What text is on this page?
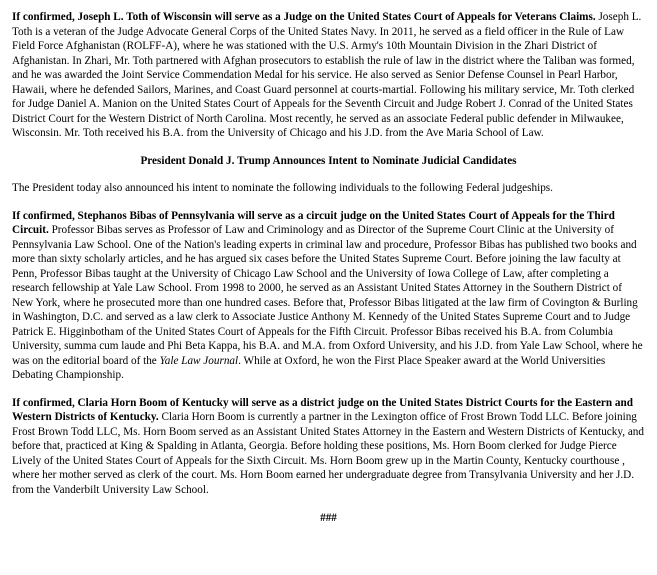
If confirmed, Joseph L. Toth of Wisconsin will serve as a Judge on the United States Court of Appeals for Veterans Claims. Joseph L. Toth is a veteran of the Judge Advocate General Corps of the United States Navy. In 2011, he served as a field officer in the Rule of Law Field Force Afghanistan (ROLFF-A), where he was stationed with the U.S. Army's 10th Mountain Division in the Zhari District of Afghanistan. In Zhari, Mr. Toth partnered with Afghan prosecutors to establish the rule of law in the district where the Taliban was formed, and he was awarded the Joint Service Commendation Medal for his service. He also served as Senior Defense Counsel in Pearl Harbor, Hawaii, where he defended Sailors, Marines, and Coast Guard personnel at courts-martial. Following his military service, Mr. Toth clerked for Judge Daniel A. Manion on the United States Court of Appeals for the Seventh Circuit and Judge Robert J. Conrad of the United States District Court for the Western District of North Carolina. Most recently, he served as an associate Federal public defender in Milwaukee, Wisconsin. Mr. Toth received his B.A. from the University of Chicago and his J.D. from the Ave Maria School of Law.

President Donald J. Trump Announces Intent to Nominate Judicial Candidates

The President today also announced his intent to nominate the following individuals to the following Federal judgeships.

If confirmed, Stephanos Bibas of Pennsylvania will serve as a circuit judge on the United States Court of Appeals for the Third Circuit. Professor Bibas serves as Professor of Law and Criminology and as Director of the Supreme Court Clinic at the University of Pennsylvania Law School. One of the Nation's leading experts in criminal law and procedure, Professor Bibas has published two books and more than sixty scholarly articles, and he has argued six cases before the United States Supreme Court. Before joining the law faculty at Penn, Professor Bibas taught at the University of Chicago Law School and the University of Iowa College of Law, after completing a research fellowship at Yale Law School. From 1998 to 2000, he served as an Assistant United States Attorney in the Southern District of New York, where he prosecuted more than one hundred cases. Before that, Professor Bibas litigated at the law firm of Covington & Burling in Washington, D.C. and served as a law clerk to Associate Justice Anthony M. Kennedy of the United States Supreme Court and to Judge Patrick E. Higginbotham of the United States Court of Appeals for the Fifth Circuit. Professor Bibas received his B.A. from Columbia University, summa cum laude and Phi Beta Kappa, his B.A. and M.A. from Oxford University, and his J.D. from Yale Law School, where he was on the editorial board of the Yale Law Journal. While at Oxford, he won the First Place Speaker award at the World Universities Debating Championship.

If confirmed, Claria Horn Boom of Kentucky will serve as a district judge on the United States District Courts for the Eastern and Western Districts of Kentucky. Claria Horn Boom is currently a partner in the Lexington office of Frost Brown Todd LLC. Before joining Frost Brown Todd LLC, Ms. Horn Boom served as an Assistant United States Attorney in the Eastern and Western Districts of Kentucky, and before that, practiced at King & Spalding in Atlanta, Georgia. Before holding these positions, Ms. Horn Boom clerked for Judge Pierce Lively of the United States Court of Appeals for the Sixth Circuit. Ms. Horn Boom grew up in the Martin County, Kentucky courthouse , where her mother served as clerk of the court. Ms. Horn Boom earned her undergraduate degree from Transylvania University and her J.D. from the Vanderbilt University Law School.

###
